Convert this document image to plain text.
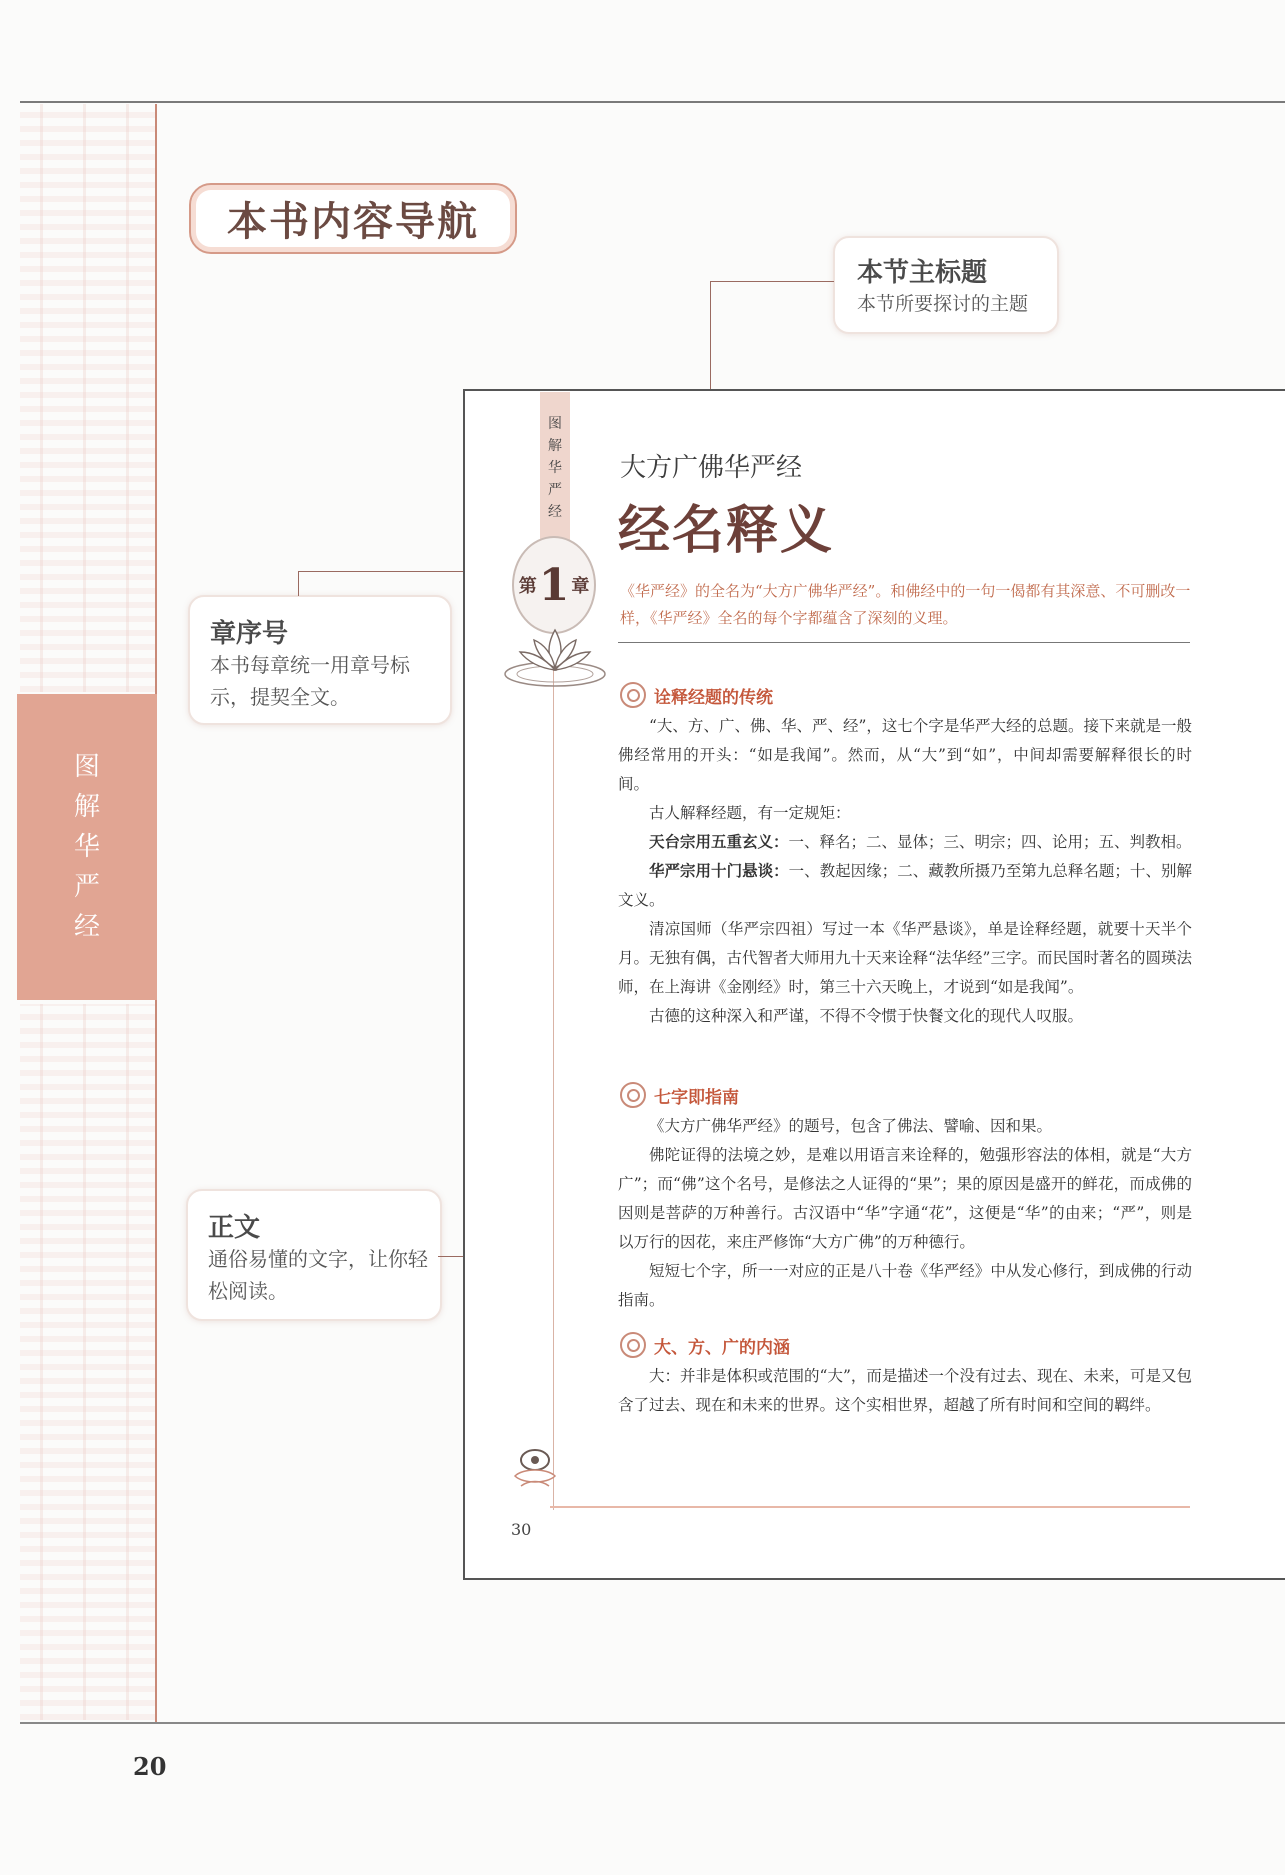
图解华严经
本书内容导航
本节主标题
本节所要探讨的主题
章序号
本书每章统一用章号标示，提契全文。
正文
通俗易懂的文字，让你轻松阅读。
图解华严经
第 1 章
大方广佛华严经
经名释义
《华严经》的全名为“大方广佛华严经”。和佛经中的一句一偈都有其深意、不可删改一样，《华严经》全名的每个字都蕴含了深刻的义理。
诠释经题的传统
“大、方、广、佛、华、严、经”，这七个字是华严大经的总题。接下来就是一般佛经常用的开头：“如是我闻”。然而，从“大”到“如”，中间却需要解释很长的时间。
古人解释经题，有一定规矩：
天台宗用五重玄义：一、释名；二、显体；三、明宗；四、论用；五、判教相。
华严宗用十门悬谈：一、教起因缘；二、藏教所摄乃至第九总释名题；十、别解文义。
清凉国师（华严宗四祖）写过一本《华严悬谈》，单是诠释经题，就要十天半个月。无独有偶，古代智者大师用九十天来诠释“法华经”三字。而民国时著名的圆瑛法师，在上海讲《金刚经》时，第三十六天晚上，才说到“如是我闻”。
古德的这种深入和严谨，不得不令惯于快餐文化的现代人叹服。
七字即指南
《大方广佛华严经》的题号，包含了佛法、譬喻、因和果。
佛陀证得的法境之妙，是难以用语言来诠释的，勉强形容法的体相，就是“大方广”；而“佛”这个名号，是修法之人证得的“果”；果的原因是盛开的鲜花，而成佛的因则是菩萨的万种善行。古汉语中“华”字通“花”，这便是“华”的由来；“严”，则是以万行的因花，来庄严修饰“大方广佛”的万种德行。
短短七个字，所一一对应的正是八十卷《华严经》中从发心修行，到成佛的行动指南。
大、方、广的内涵
大：并非是体积或范围的“大”，而是描述一个没有过去、现在、未来，可是又包含了过去、现在和未来的世界。这个实相世界，超越了所有时间和空间的羁绊。
30
20
